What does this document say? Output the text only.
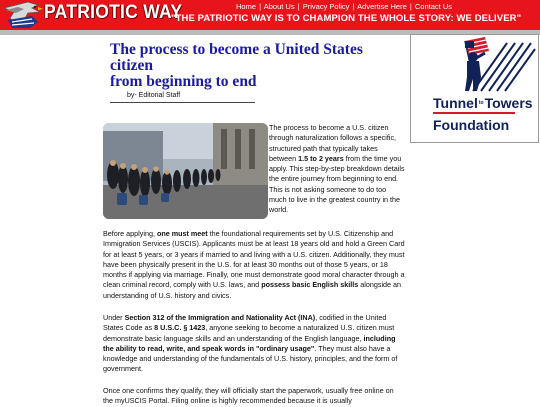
PATRIOTIC WAY	Home | About Us | Privacy Policy | Advertise Here | Contact Us
"THE PATRIOTIC WAY IS TO CHAMPION THE WHOLE STORY: WE DELIVER"
The process to become a United States
citizen
from beginning to end
by- Editorial Staff
The process to become a U.S. citizen through naturalization follows a specific, structured path that typically takes between 1.5 to 2 years from the time you apply. This step-by-step breakdown details the entire journey from beginning to end. This is not asking someone to do too much to live in the greatest country in the world.
Before applying, one must meet the foundational requirements set by U.S. Citizenship and Immigration Services (USCIS). Applicants must be at least 18 years old and hold a Green Card for at least 5 years, or 3 years if married to and living with a U.S. citizen. Additionally, they must have been physically present in the U.S. for at least 30 months out of those 5 years, or 18 months if applying via marriage. Finally, one must demonstrate good moral character through a clean criminal record, comply with U.S. laws, and possess basic English skills alongside an understanding of U.S. history and civics.
Under Section 312 of the Immigration and Nationality Act (INA), codified in the United States Code as 8 U.S.C. § 1423, anyone seeking to become a naturalized U.S. citizen must demonstrate basic language skills and an understanding of the English language, including the ability to read, write, and speak words in "ordinary usage". They must also have a knowledge and understanding of the fundamentals of U.S. history, principles, and the form of government.
Once one confirms they qualify, they will officially start the paperwork, usually free online on the myUSCIS Portal. Filing online is highly recommended because it is usually
Tunnel$^{to}$Towers
Foundation
